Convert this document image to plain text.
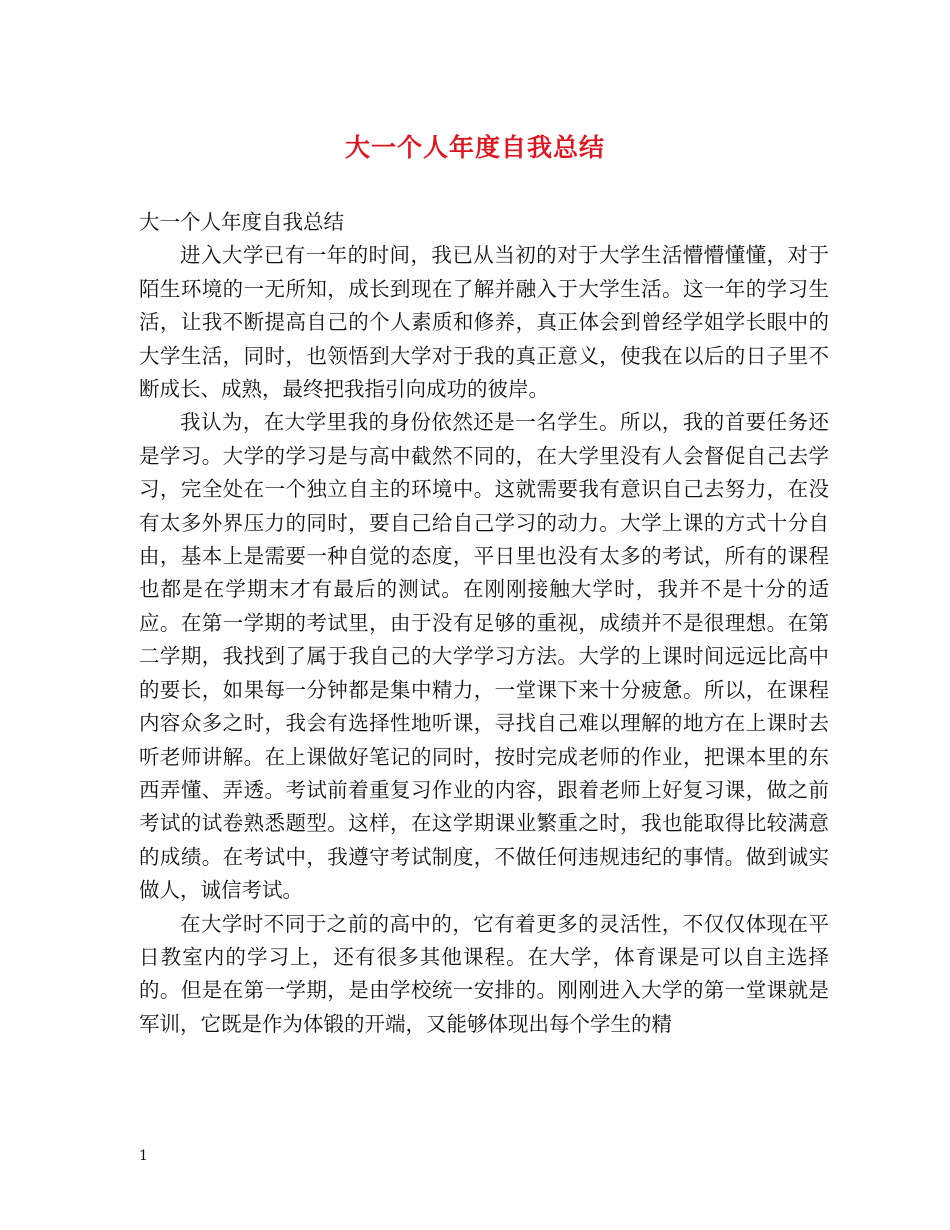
大一个人年度自我总结

大一个人年度自我总结

进入大学已有一年的时间，我已从当初的对于大学生活懵懵懂懂，对于陌生环境的一无所知，成长到现在了解并融入于大学生活。这一年的学习生活，让我不断提高自己的个人素质和修养，真正体会到曾经学姐学长眼中的大学生活，同时，也领悟到大学对于我的真正意义，使我在以后的日子里不断成长、成熟，最终把我指引向成功的彼岸。

我认为，在大学里我的身份依然还是一名学生。所以，我的首要任务还是学习。大学的学习是与高中截然不同的，在大学里没有人会督促自己去学习，完全处在一个独立自主的环境中。这就需要我有意识自己去努力，在没有太多外界压力的同时，要自己给自己学习的动力。大学上课的方式十分自由，基本上是需要一种自觉的态度，平日里也没有太多的考试，所有的课程也都是在学期末才有最后的测试。在刚刚接触大学时，我并不是十分的适应。在第一学期的考试里，由于没有足够的重视，成绩并不是很理想。在第二学期，我找到了属于我自己的大学学习方法。大学的上课时间远远比高中的要长，如果每一分钟都是集中精力，一堂课下来十分疲惫。所以，在课程内容众多之时，我会有选择性地听课，寻找自己难以理解的地方在上课时去听老师讲解。在上课做好笔记的同时，按时完成老师的作业，把课本里的东西弄懂、弄透。考试前着重复习作业的内容，跟着老师上好复习课，做之前考试的试卷熟悉题型。这样，在这学期课业繁重之时，我也能取得比较满意的成绩。在考试中，我遵守考试制度，不做任何违规违纪的事情。做到诚实做人，诚信考试。

在大学时不同于之前的高中的，它有着更多的灵活性，不仅仅体现在平日教室内的学习上，还有很多其他课程。在大学，体育课是可以自主选择的。但是在第一学期，是由学校统一安排的。刚刚进入大学的第一堂课就是军训，它既是作为体锻的开端，又能够体现出每个学生的精

1
